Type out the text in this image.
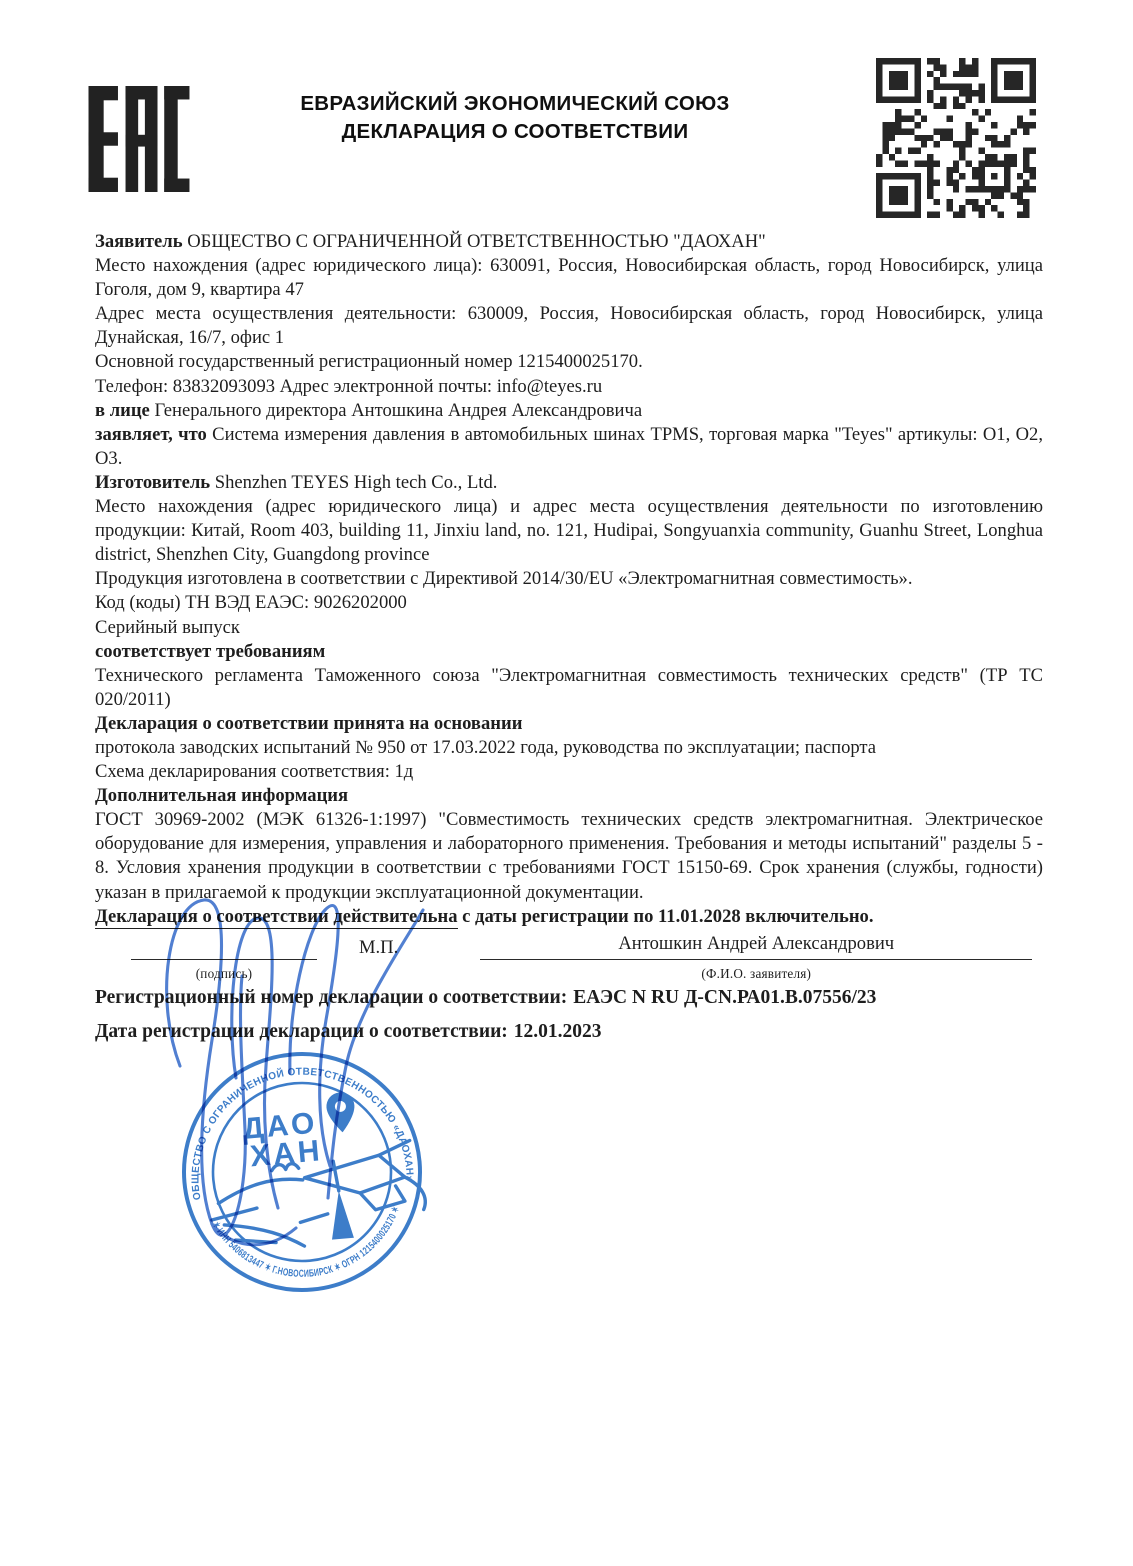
ЕВРАЗИЙСКИЙ ЭКОНОМИЧЕСКИЙ СОЮЗ
ДЕКЛАРАЦИЯ О СООТВЕТСТВИИ

Заявитель ОБЩЕСТВО С ОГРАНИЧЕННОЙ ОТВЕТСТВЕННОСТЬЮ "ДАОХАН"

Место нахождения (адрес юридического лица): 630091, Россия, Новосибирская область, город Новосибирск, улица Гоголя, дом 9, квартира 47

Адрес места осуществления деятельности: 630009, Россия, Новосибирская область, город Новосибирск, улица Дунайская, 16/7, офис 1

Основной государственный регистрационный номер 1215400025170.

Телефон: 83832093093 Адрес электронной почты: info@teyes.ru

в лице Генерального директора Антошкина Андрея Александровича

заявляет, что Система измерения давления в автомобильных шинах TPMS, торговая марка "Teyes" артикулы: О1, О2, О3.

Изготовитель Shenzhen TEYES High tech Co., Ltd.

Место нахождения (адрес юридического лица) и адрес места осуществления деятельности по изготовлению продукции: Китай, Room 403, building 11, Jinxiu land, no. 121, Hudipai, Songyuanxia community, Guanhu Street, Longhua district, Shenzhen City, Guangdong province

Продукция изготовлена в соответствии с Директивой 2014/30/EU «Электромагнитная совместимость».

Код (коды) ТН ВЭД ЕАЭС: 9026202000

Серийный выпуск

соответствует требованиям

Технического регламента Таможенного союза "Электромагнитная совместимость технических средств" (ТР ТС 020/2011)

Декларация о соответствии принята на основании

протокола заводских испытаний № 950 от 17.03.2022 года, руководства по эксплуатации; паспорта

Схема декларирования соответствия: 1д

Дополнительная информация

ГОСТ 30969-2002 (МЭК 61326-1:1997) "Совместимость технических средств электромагнитная. Электрическое оборудование для измерения, управления и лабораторного применения. Требования и методы испытаний" разделы 5 - 8. Условия хранения продукции в соответствии с требованиями ГОСТ 15150-69. Срок хранения (службы, годности) указан в прилагаемой к продукции эксплуатационной документации.

Декларация о соответствии действительна с даты регистрации по 11.01.2028 включительно.

(подпись)
М.П.	Антошкин Андрей Александрович
(Ф.И.О. заявителя)

Регистрационный номер декларации о соответствии: ЕАЭС N RU Д-CN.РА01.В.07556/23

Дата регистрации декларации о соответствии: 12.01.2023

ОБЩЕСТВО С ОГРАНИЧЕННОЙ ОТВЕТСТВЕННОСТЬЮ «ДАОХАН»
✶ ИНН 5406813447 ✶ Г.НОВОСИБИРСК ✶ ОГРН 1215400025170 ✶
ДАО
ХАН
